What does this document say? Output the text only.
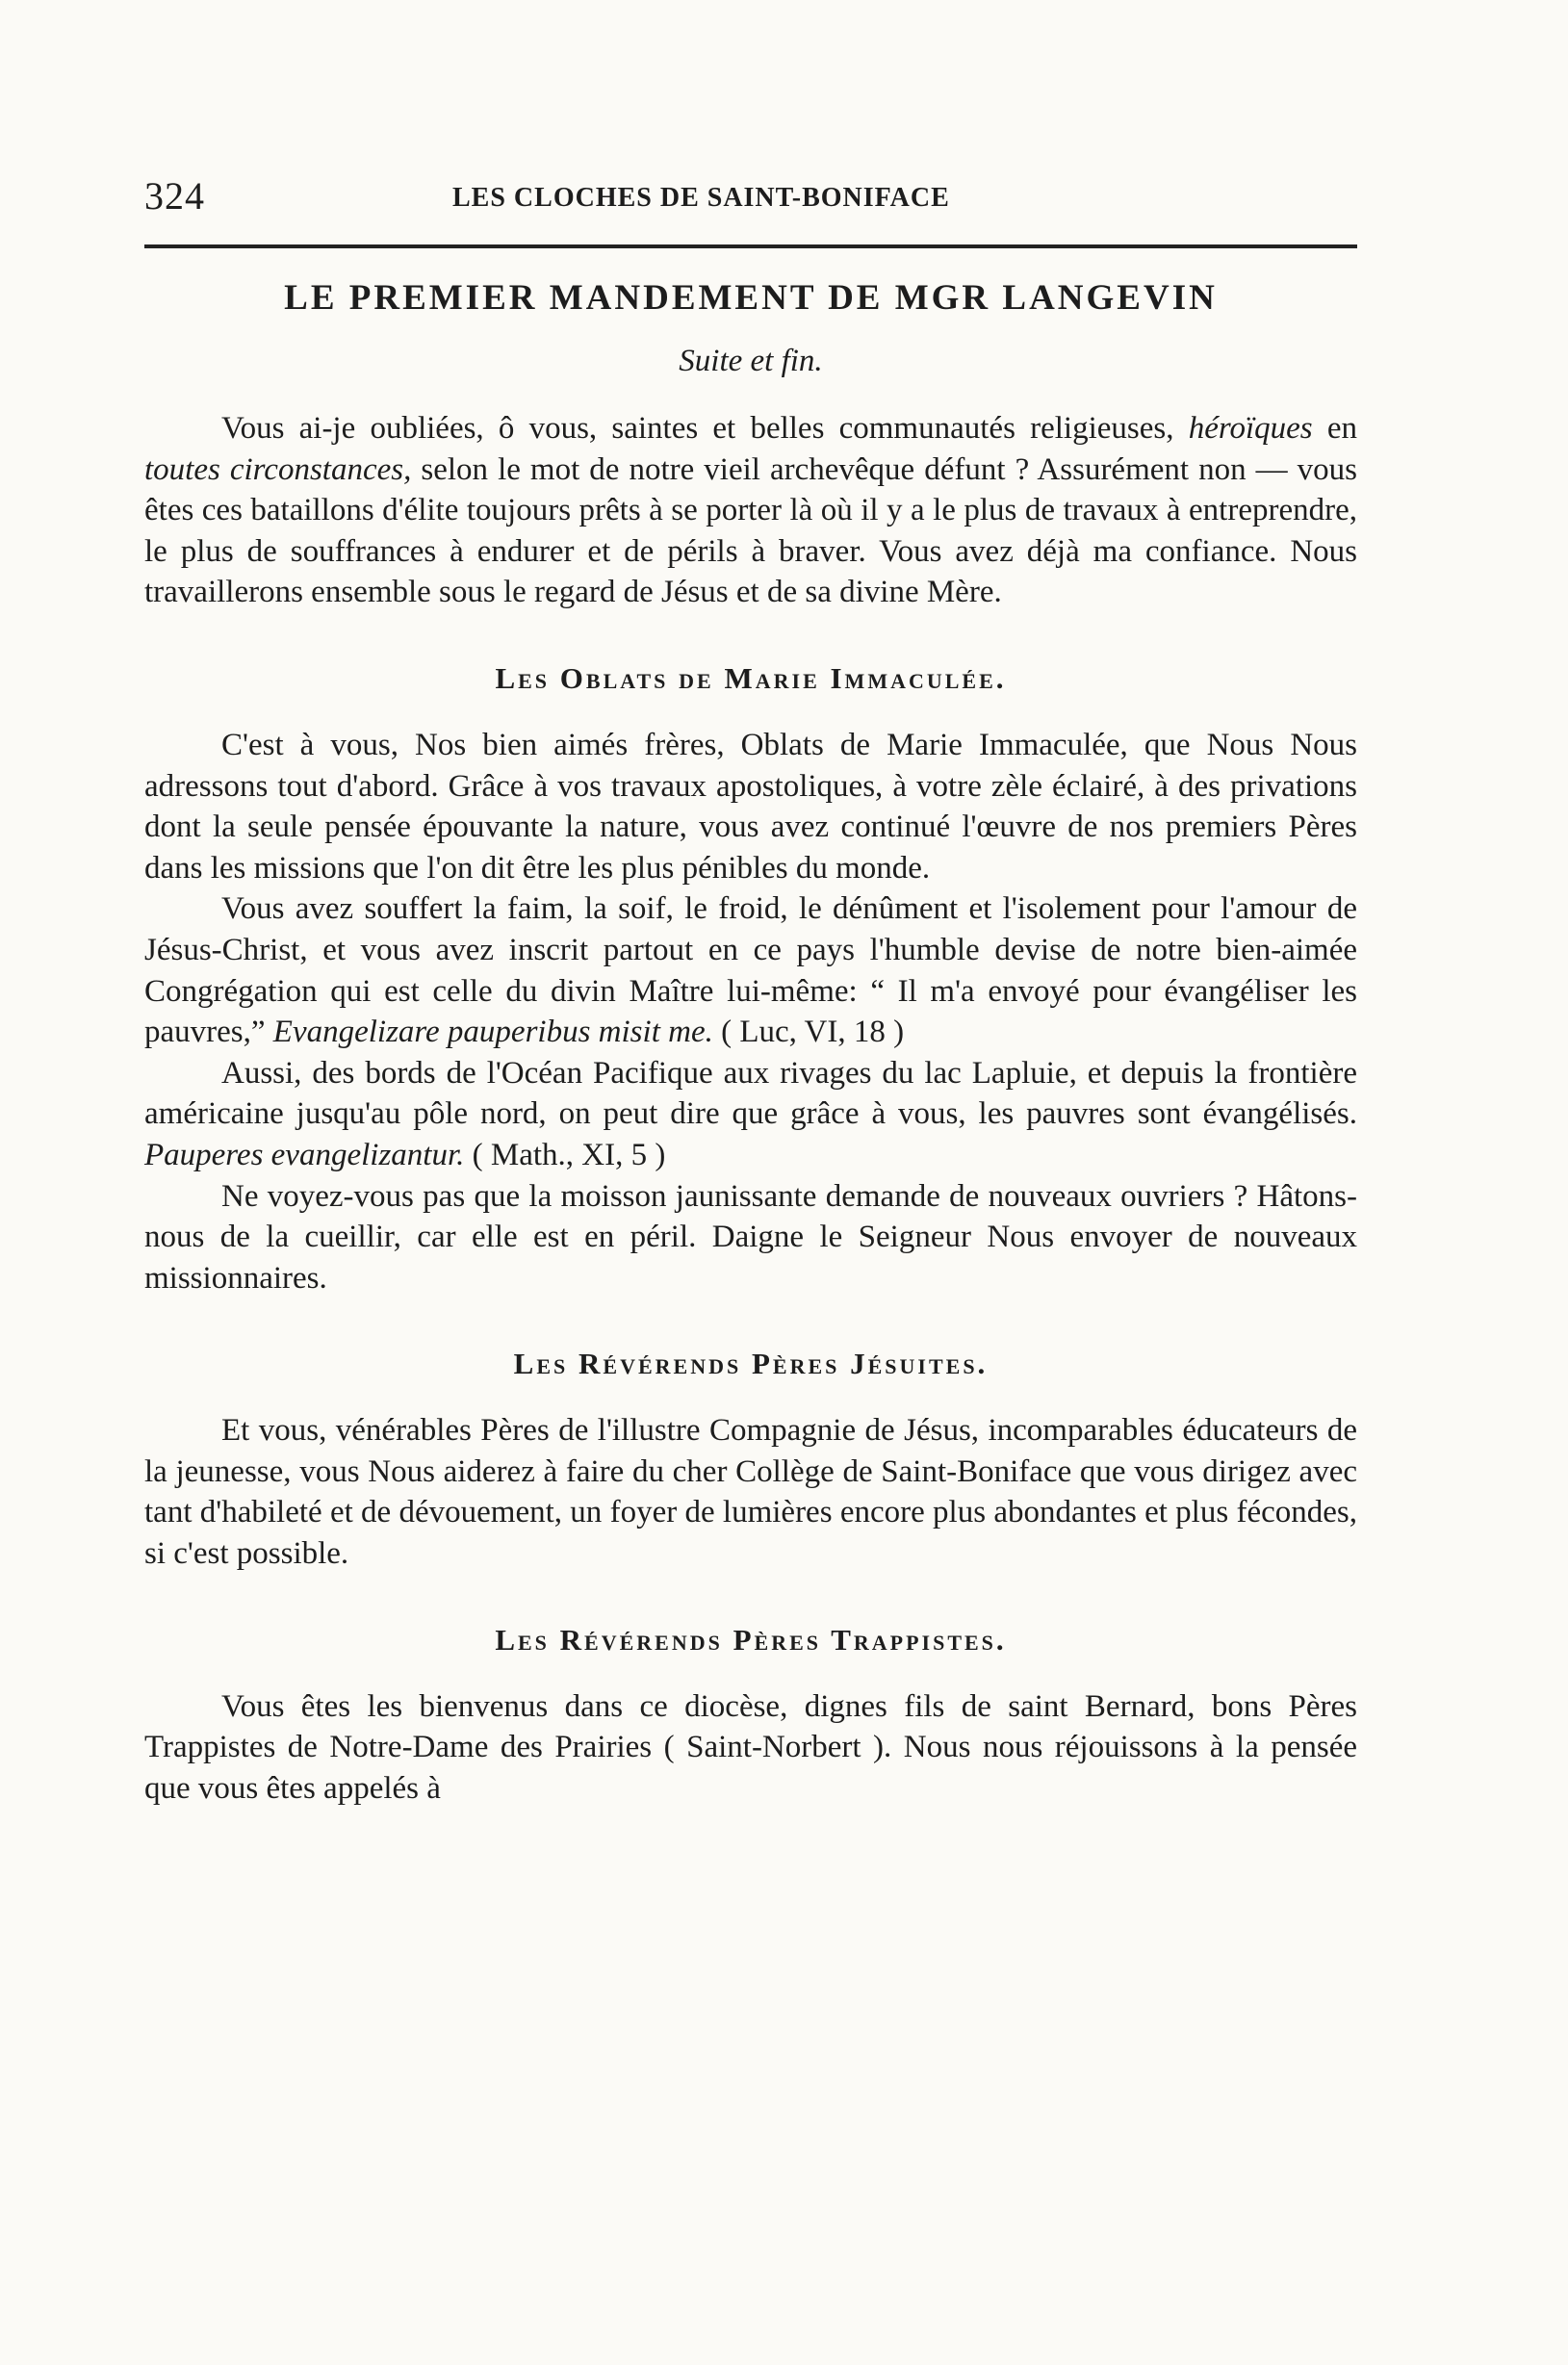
324	LES CLOCHES DE SAINT-BONIFACE
LE PREMIER MANDEMENT DE MGR LANGEVIN

Suite et fin.

Vous ai-je oubliées, ô vous, saintes et belles communautés religieuses, héroïques en toutes circonstances, selon le mot de notre vieil archevêque défunt ? Assurément non — vous êtes ces bataillons d'élite toujours prêts à se porter là où il y a le plus de travaux à entreprendre, le plus de souffrances à endurer et de périls à braver. Vous avez déjà ma confiance. Nous travaillerons ensemble sous le regard de Jésus et de sa divine Mère.

Les Oblats de Marie Immaculée.

C'est à vous, Nos bien aimés frères, Oblats de Marie Immaculée, que Nous Nous adressons tout d'abord. Grâce à vos travaux apostoliques, à votre zèle éclairé, à des privations dont la seule pensée épouvante la nature, vous avez continué l'œuvre de nos premiers Pères dans les missions que l'on dit être les plus pénibles du monde.

Vous avez souffert la faim, la soif, le froid, le dénûment et l'isolement pour l'amour de Jésus-Christ, et vous avez inscrit partout en ce pays l'humble devise de notre bien-aimée Congrégation qui est celle du divin Maître lui-même: “ Il m'a envoyé pour évangéliser les pauvres,” Evangelizare pauperibus misit me. ( Luc, VI, 18 )

Aussi, des bords de l'Océan Pacifique aux rivages du lac Lapluie, et depuis la frontière américaine jusqu'au pôle nord, on peut dire que grâce à vous, les pauvres sont évangélisés. Pauperes evangelizantur. ( Math., XI, 5 )

Ne voyez-vous pas que la moisson jaunissante demande de nouveaux ouvriers ? Hâtons-nous de la cueillir, car elle est en péril. Daigne le Seigneur Nous envoyer de nouveaux missionnaires.

Les Révérends Pères Jésuites.

Et vous, vénérables Pères de l'illustre Compagnie de Jésus, incomparables éducateurs de la jeunesse, vous Nous aiderez à faire du cher Collège de Saint-Boniface que vous dirigez avec tant d'habileté et de dévouement, un foyer de lumières encore plus abondantes et plus fécondes, si c'est possible.

Les Révérends Pères Trappistes.

Vous êtes les bienvenus dans ce diocèse, dignes fils de saint Bernard, bons Pères Trappistes de Notre-Dame des Prairies ( Saint-Norbert ). Nous nous réjouissons à la pensée que vous êtes appelés à
